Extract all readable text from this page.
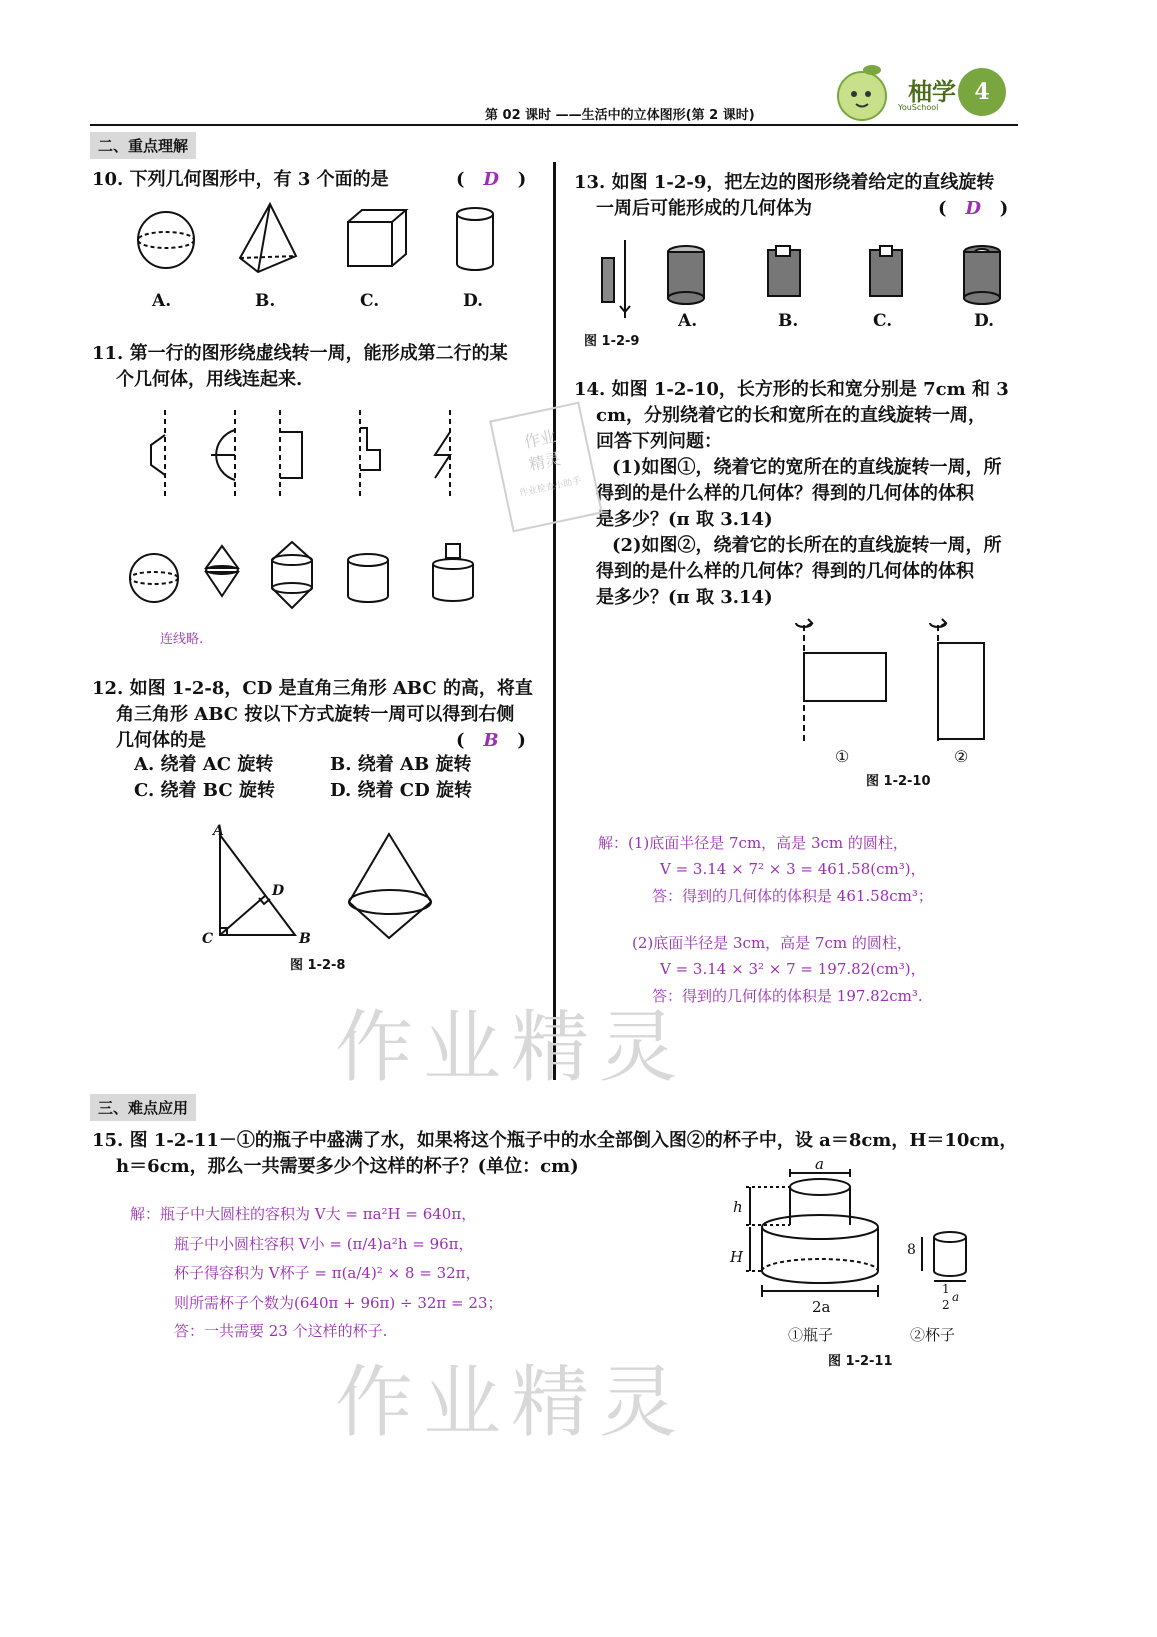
柚学
YouSchool
4
第 02 课时 ——生活中的立体图形(第 2 课时)
二、重点理解
10. 下列几何图形中，有 3 个面的是	(   D   )
A.	B.	C.	D.
11. 第一行的图形绕虚线转一周，能形成第二行的某
个几何体，用线连起来.
连线略.
12. 如图 1-2-8，CD 是直角三角形 ABC 的高，将直
角三角形 ABC 按以下方式旋转一周可以得到右侧
几何体的是	(   B   )
A. 绕着 AC 旋转	B. 绕着 AB 旋转
C. 绕着 BC 旋转	D. 绕着 CD 旋转
A
D
C	B
图 1-2-8
13. 如图 1-2-9，把左边的图形绕着给定的直线旋转
一周后可能形成的几何体为	(   D   )
图 1-2-9
A.	B.	C.	D.
14. 如图 1-2-10，长方形的长和宽分别是 7cm 和 3
cm，分别绕着它的长和宽所在的直线旋转一周，
回答下列问题：
(1)如图①，绕着它的宽所在的直线旋转一周，所
得到的是什么样的几何体？得到的几何体的体积
是多少？(π 取 3.14)
(2)如图②，绕着它的长所在的直线旋转一周，所
得到的是什么样的几何体？得到的几何体的体积
是多少？(π 取 3.14)
①	②
图 1-2-10
解：(1)底面半径是 7cm，高是 3cm 的圆柱，
V = 3.14 × 7² × 3 = 461.58(cm³)，
答：得到的几何体的体积是 461.58cm³；
(2)底面半径是 3cm，高是 7cm 的圆柱，
V = 3.14 × 3² × 7 = 197.82(cm³)，
答：得到的几何体的体积是 197.82cm³.
三、难点应用
15. 图 1-2-11－①的瓶子中盛满了水，如果将这个瓶子中的水全部倒入图②的杯子中，设 a＝8cm，H＝10cm，
h＝6cm，那么一共需要多少个这样的杯子？(单位：cm)
解：瓶子中大圆柱的容积为 V大 = πa²H = 640π，
瓶子中小圆柱容积 V小 = (π/4)a²h = 96π，
杯子得容积为 V杯子 = π(a/4)² × 8 = 32π，
则所需杯子个数为(640π + 96π) ÷ 32π = 23；
答：一共需要 23 个这样的杯子.
a
h
H
2a
8
1
2
a
①瓶子	②杯子
图 1-2-11
作业
精灵
作业检查小助手
作业精灵
作业精灵
